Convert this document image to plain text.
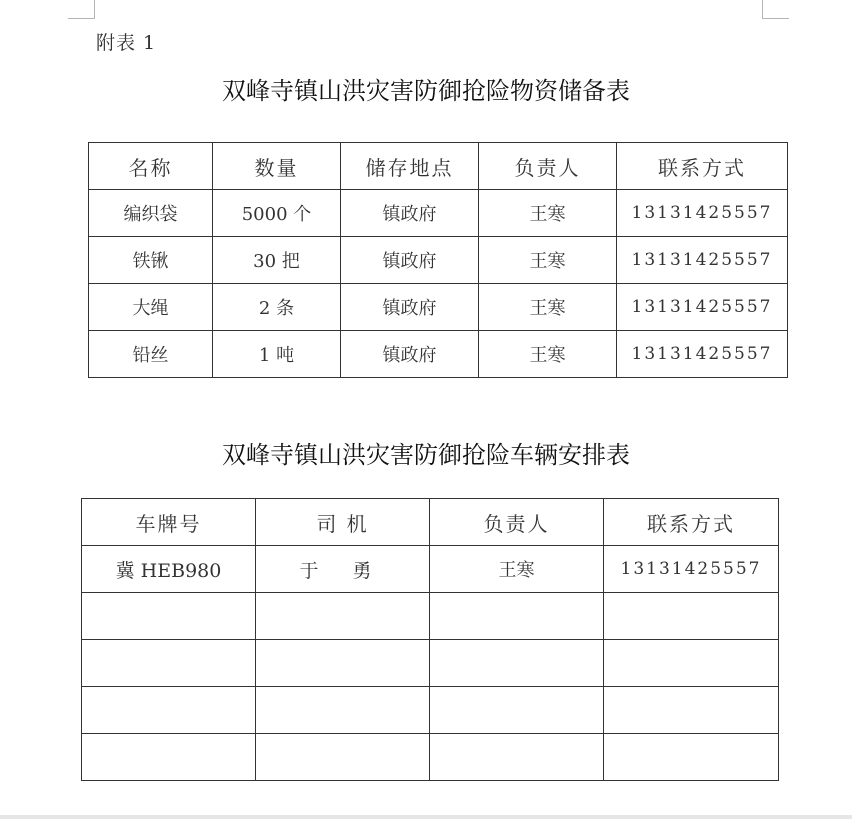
附表 1
双峰寺镇山洪灾害防御抢险物资储备表
名称	数量	储存地点	负责人	联系方式
编织袋	5000 个	镇政府	王寒	13131425557
铁锹	30 把	镇政府	王寒	13131425557
大绳	2 条	镇政府	王寒	13131425557
铅丝	1 吨	镇政府	王寒	13131425557
双峰寺镇山洪灾害防御抢险车辆安排表
车牌号	司 机	负责人	联系方式
冀 HEB980	于 勇	王寒	13131425557
